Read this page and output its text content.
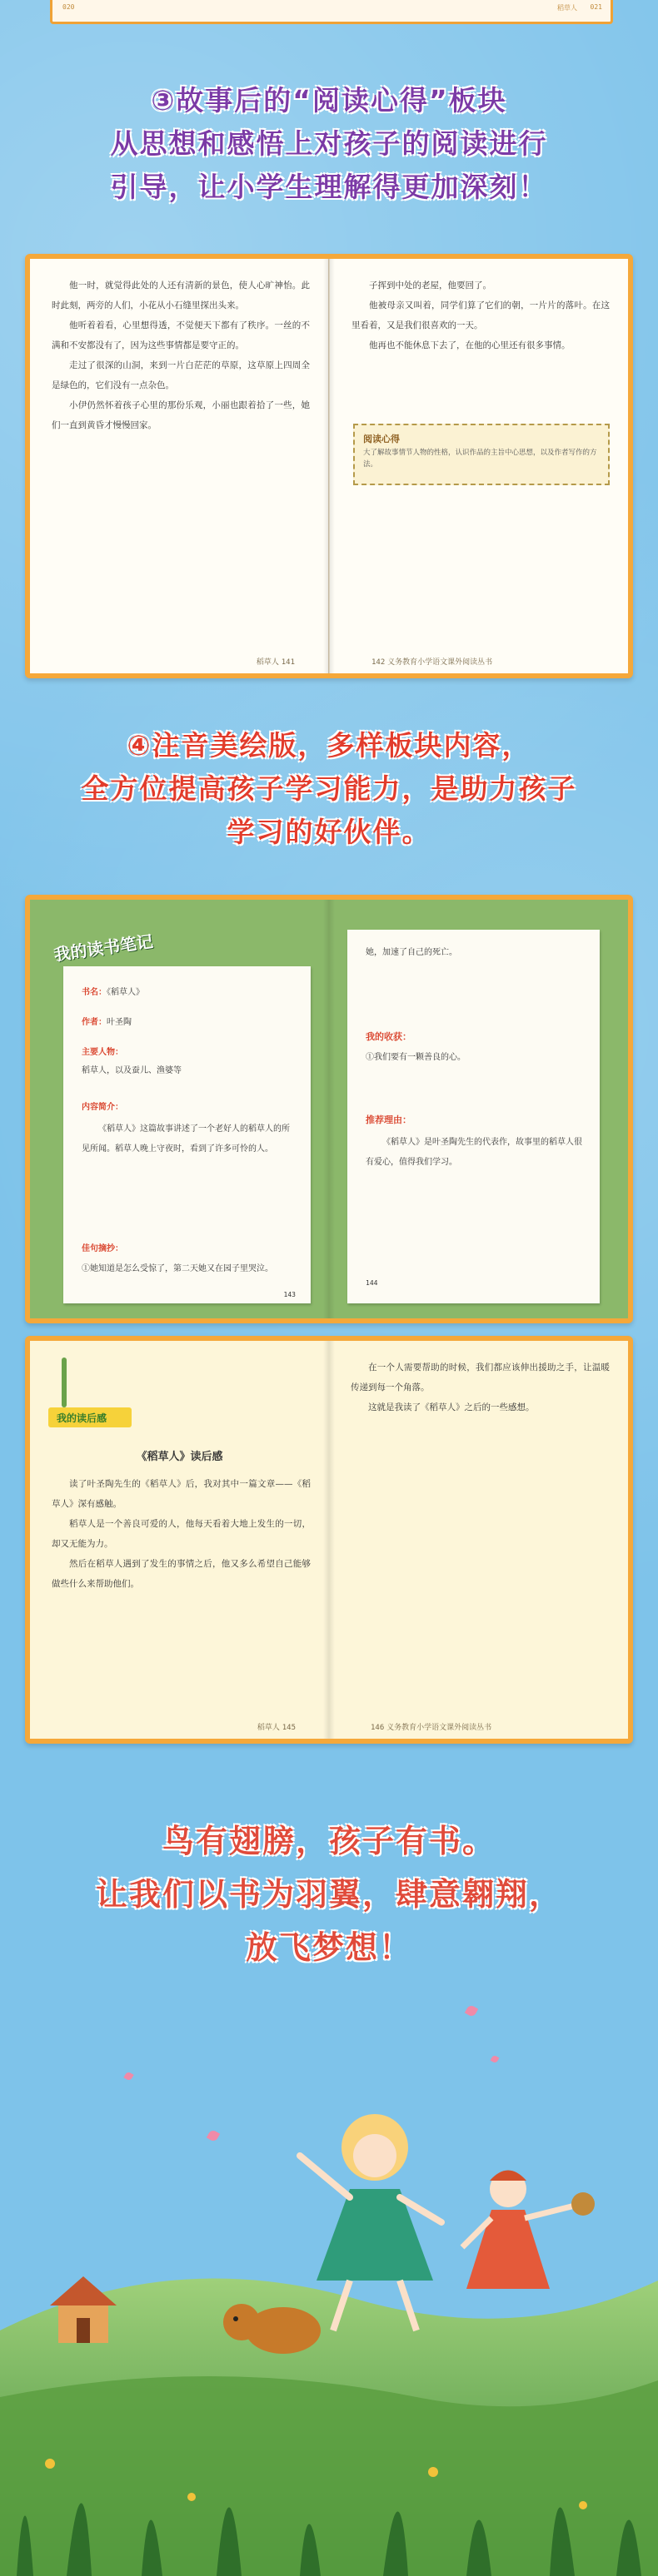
020	稻草人 021
③故事后的“阅读心得”板块
从思想和感悟上对孩子的阅读进行
引导，让小学生理解得更加深刻！

他一时，就觉得此处的人还有清新的景色，使人心旷神怡。此时此刻，两旁的人们，小花从小石缝里探出头来。

他听着着看，心里想得透，不觉便天下都有了秩序。一丝的不满和不安都没有了，因为这些事情都是要守正的。

走过了很深的山洞，来到一片白茫茫的草原，这草原上四周全是绿色的，它们没有一点杂色。

小伊仍然怀着孩子心里的那份乐观，小丽也跟着拾了一些，她们一直到黄昏才慢慢回家。

稻草人 141

子挥到中处的老屋，他要回了。

他被母亲又叫着，同学们算了它们的朝，一片片的落叶。在这里看着，又是我们很喜欢的一天。

他再也不能休息下去了，在他的心里还有很多事情。

阅读心得
大了解故事情节人物的性格，认识作品的主旨中心思想，以及作者写作的方法。
142 义务教育小学语文课外阅读丛书
④注音美绘版，多样板块内容，
全方位提高孩子学习能力，是助力孩子
学习的好伙伴。
我的读书笔记
书名：《稻草人》
作者：叶圣陶
主要人物：
稻草人，以及蚕儿、渔婆等
内容简介：
《稻草人》这篇故事讲述了一个老好人的稻草人的所见所闻。稻草人晚上守夜时，看到了许多可怜的人。
佳句摘抄：
①她知道是怎么受惊了，第二天她又在园子里哭泣。
143
她，加速了自己的死亡。
我的收获：
①我们要有一颗善良的心。
推荐理由：
《稻草人》是叶圣陶先生的代表作，故事里的稻草人很有爱心，值得我们学习。
144
我的读后感
《稻草人》读后感

读了叶圣陶先生的《稻草人》后，我对其中一篇文章——《稻草人》深有感触。

稻草人是一个善良可爱的人，他每天看着大地上发生的一切，却又无能为力。

然后在稻草人遇到了发生的事情之后，他又多么希望自己能够做些什么来帮助他们。

稻草人 145

在一个人需要帮助的时候，我们都应该伸出援助之手，让温暖传递到每一个角落。

这就是我读了《稻草人》之后的一些感想。

146 义务教育小学语文课外阅读丛书
鸟有翅膀，孩子有书。
让我们以书为羽翼，肆意翱翔，
放飞梦想！
